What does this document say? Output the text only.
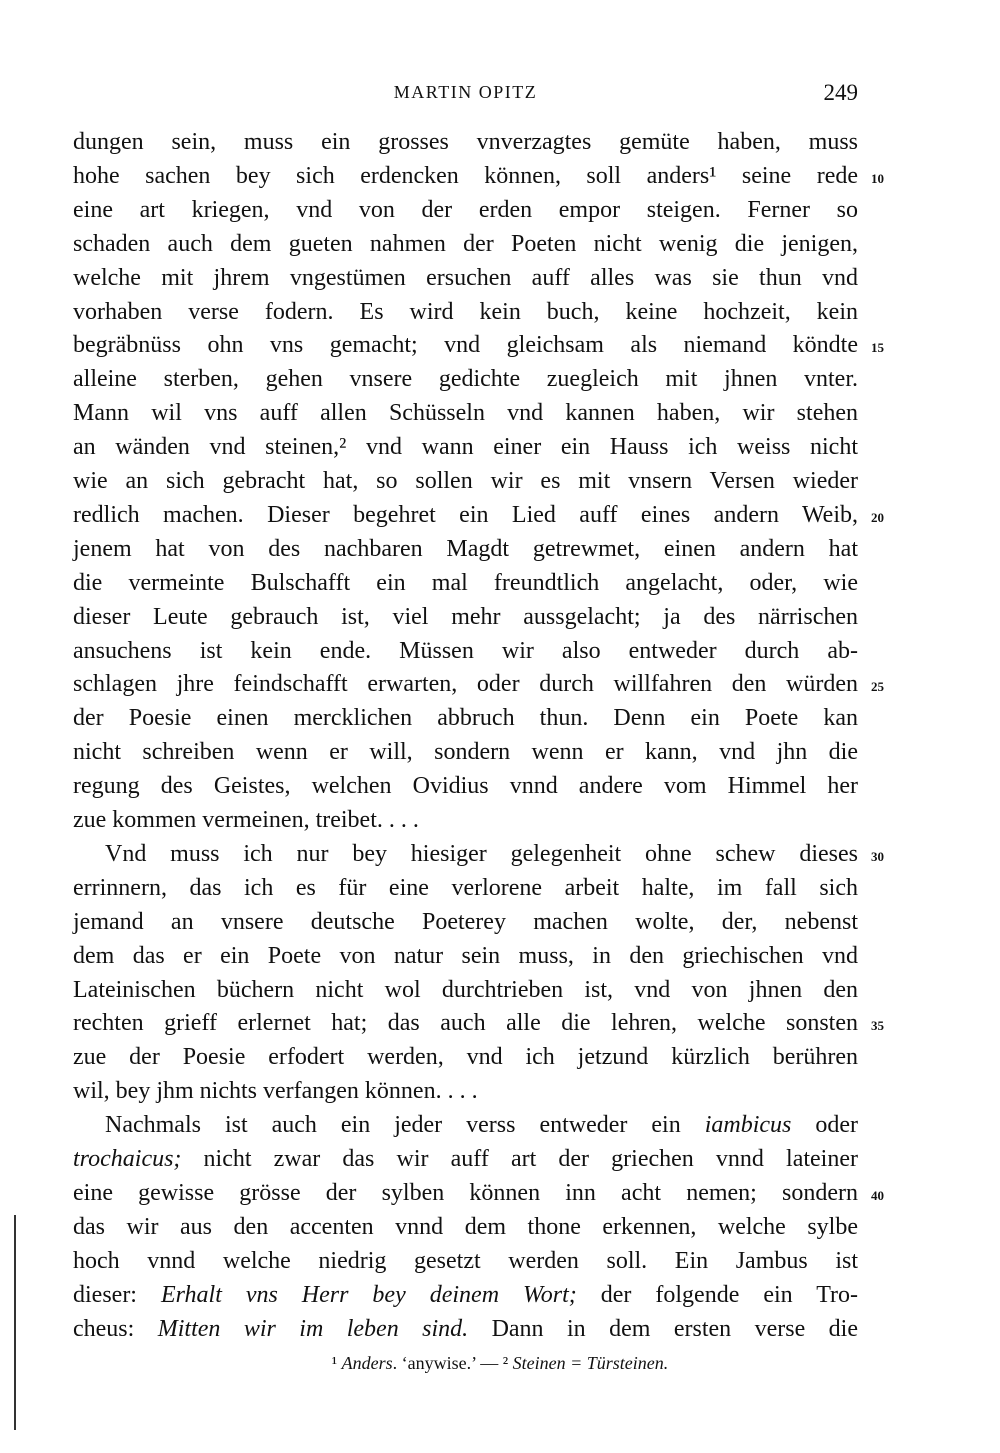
MARTIN OPITZ	249
dungen sein, muss ein grosses vnverzagtes gemüte haben, muss
hohe sachen bey sich erdencken können, soll anders¹ seine rede 10
eine art kriegen, vnd von der erden empor steigen. Ferner so
schaden auch dem gueten nahmen der Poeten nicht wenig die jenigen,
welche mit jhrem vngestümen ersuchen auff alles was sie thun vnd
vorhaben verse fodern. Es wird kein buch, keine hochzeit, kein
begräbnüss ohn vns gemacht; vnd gleichsam als niemand köndte 15
alleine sterben, gehen vnsere gedichte zuegleich mit jhnen vnter.
Mann wil vns auff allen Schüsseln vnd kannen haben, wir stehen
an wänden vnd steinen,² vnd wann einer ein Hauss ich weiss nicht
wie an sich gebracht hat, so sollen wir es mit vnsern Versen wieder
redlich machen. Dieser begehret ein Lied auff eines andern Weib, 20
jenem hat von des nachbaren Magdt getrewmet, einen andern hat
die vermeinte Bulschafft ein mal freundtlich angelacht, oder, wie
dieser Leute gebrauch ist, viel mehr aussgelacht; ja des närrischen
ansuchens ist kein ende. Müssen wir also entweder durch ab-
schlagen jhre feindschafft erwarten, oder durch willfahren den würden 25
der Poesie einen mercklichen abbruch thun. Denn ein Poete kan
nicht schreiben wenn er will, sondern wenn er kann, vnd jhn die
regung des Geistes, welchen Ovidius vnnd andere vom Himmel her
zue kommen vermeinen, treibet. . . .
Vnd muss ich nur bey hiesiger gelegenheit ohne schew dieses 30
errinnern, das ich es für eine verlorene arbeit halte, im fall sich
jemand an vnsere deutsche Poeterey machen wolte, der, nebenst
dem das er ein Poete von natur sein muss, in den griechischen vnd
Lateinischen büchern nicht wol durchtrieben ist, vnd von jhnen den
rechten grieff erlernet hat; das auch alle die lehren, welche sonsten 35
zue der Poesie erfodert werden, vnd ich jetzund kürzlich berühren
wil, bey jhm nichts verfangen können. . . .
Nachmals ist auch ein jeder verss entweder ein iambicus oder
trochaicus; nicht zwar das wir auff art der griechen vnnd lateiner
eine gewisse grösse der sylben können inn acht nemen; sondern 40
das wir aus den accenten vnnd dem thone erkennen, welche sylbe
hoch vnnd welche niedrig gesetzt werden soll. Ein Jambus ist
dieser: Erhalt vns Herr bey deinem Wort; der folgende ein Tro-
cheus: Mitten wir im leben sind. Dann in dem ersten verse die
¹ Anders. ‘anywise.’ — ² Steinen = Türsteinen.
